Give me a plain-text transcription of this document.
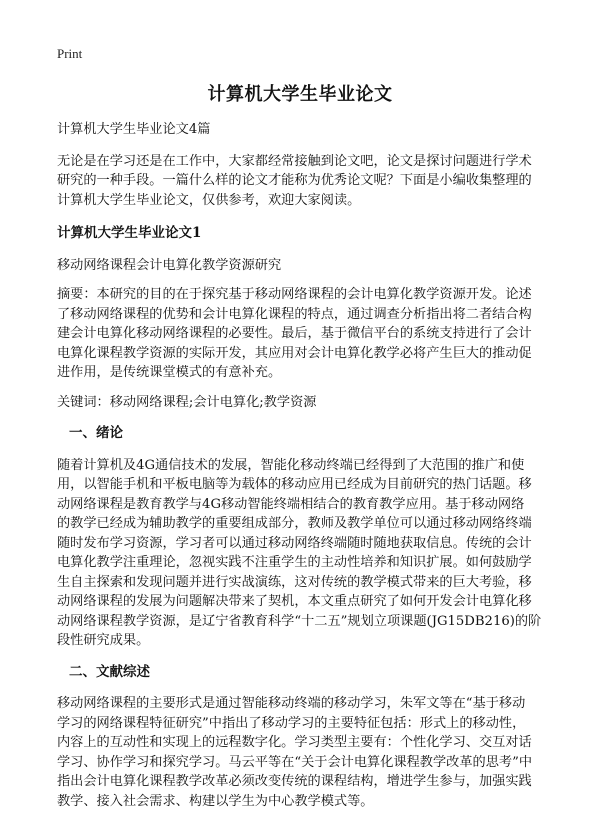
Print
计算机大学生毕业论文

计算机大学生毕业论文4篇

无论是在学习还是在工作中，大家都经常接触到论文吧，论文是探讨问题进行学术
研究的一种手段。一篇什么样的论文才能称为优秀论文呢？下面是小编收集整理的
计算机大学生毕业论文，仅供参考，欢迎大家阅读。

计算机大学生毕业论文1

移动网络课程会计电算化教学资源研究

摘要：本研究的目的在于探究基于移动网络课程的会计电算化教学资源开发。论述
了移动网络课程的优势和会计电算化课程的特点，通过调查分析指出将二者结合构
建会计电算化移动网络课程的必要性。最后，基于微信平台的系统支持进行了会计
电算化课程教学资源的实际开发，其应用对会计电算化教学必将产生巨大的推动促
进作用，是传统课堂模式的有意补充。

关键词：移动网络课程;会计电算化;教学资源

一、绪论

随着计算机及4G通信技术的发展，智能化移动终端已经得到了大范围的推广和使
用，以智能手机和平板电脑等为载体的移动应用已经成为目前研究的热门话题。移
动网络课程是教育教学与4G移动智能终端相结合的教育教学应用。基于移动网络
的教学已经成为辅助教学的重要组成部分，教师及教学单位可以通过移动网络终端
随时发布学习资源，学习者可以通过移动网络终端随时随地获取信息。传统的会计
电算化教学注重理论，忽视实践不注重学生的主动性培养和知识扩展。如何鼓励学
生自主探索和发现问题并进行实战演练，这对传统的教学模式带来的巨大考验，移
动网络课程的发展为问题解决带来了契机，本文重点研究了如何开发会计电算化移
动网络课程教学资源，是辽宁省教育科学“十二五”规划立项课题(JG15DB216)的阶
段性研究成果。

二、文献综述

移动网络课程的主要形式是通过智能移动终端的移动学习，朱军文等在“基于移动
学习的网络课程特征研究”中指出了移动学习的主要特征包括：形式上的移动性，
内容上的互动性和实现上的远程数字化。学习类型主要有：个性化学习、交互对话
学习、协作学习和探究学习。马云平等在“关于会计电算化课程教学改革的思考”中
指出会计电算化课程教学改革必须改变传统的课程结构，增进学生参与，加强实践
教学、接入社会需求、构建以学生为中心教学模式等。
